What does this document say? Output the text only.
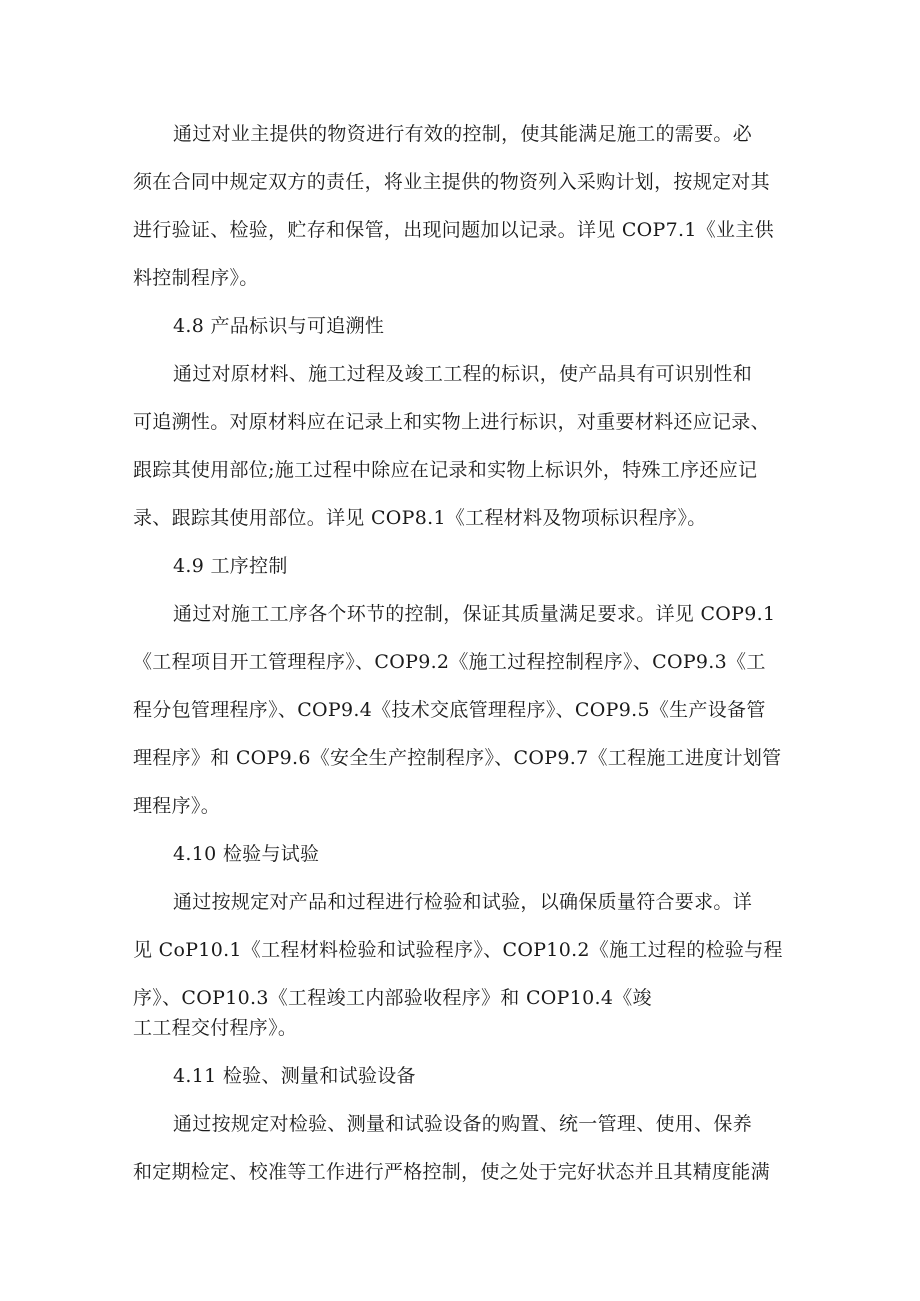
通过对业主提供的物资进行有效的控制，使其能满足施工的需要。必
须在合同中规定双方的责任，将业主提供的物资列入采购计划，按规定对其
进行验证、检验，贮存和保管，出现问题加以记录。详见 COP7.1《业主供
料控制程序》。
4.8 产品标识与可追溯性
通过对原材料、施工过程及竣工工程的标识，使产品具有可识别性和
可追溯性。对原材料应在记录上和实物上进行标识，对重要材料还应记录、
跟踪其使用部位;施工过程中除应在记录和实物上标识外，特殊工序还应记
录、跟踪其使用部位。详见 COP8.1《工程材料及物项标识程序》。
4.9 工序控制
通过对施工工序各个环节的控制，保证其质量满足要求。详见 COP9.1
《工程项目开工管理程序》、COP9.2《施工过程控制程序》、COP9.3《工
程分包管理程序》、COP9.4《技术交底管理程序》、COP9.5《生产设备管
理程序》和 COP9.6《安全生产控制程序》、COP9.7《工程施工进度计划管
理程序》。
4.10 检验与试验
通过按规定对产品和过程进行检验和试验，以确保质量符合要求。详
见 CoP10.1《工程材料检验和试验程序》、COP10.2《施工过程的检验与程
序》、COP10.3《工程竣工内部验收程序》和 COP10.4《竣
工工程交付程序》。
4.11 检验、测量和试验设备
通过按规定对检验、测量和试验设备的购置、统一管理、使用、保养
和定期检定、校准等工作进行严格控制，使之处于完好状态并且其精度能满
